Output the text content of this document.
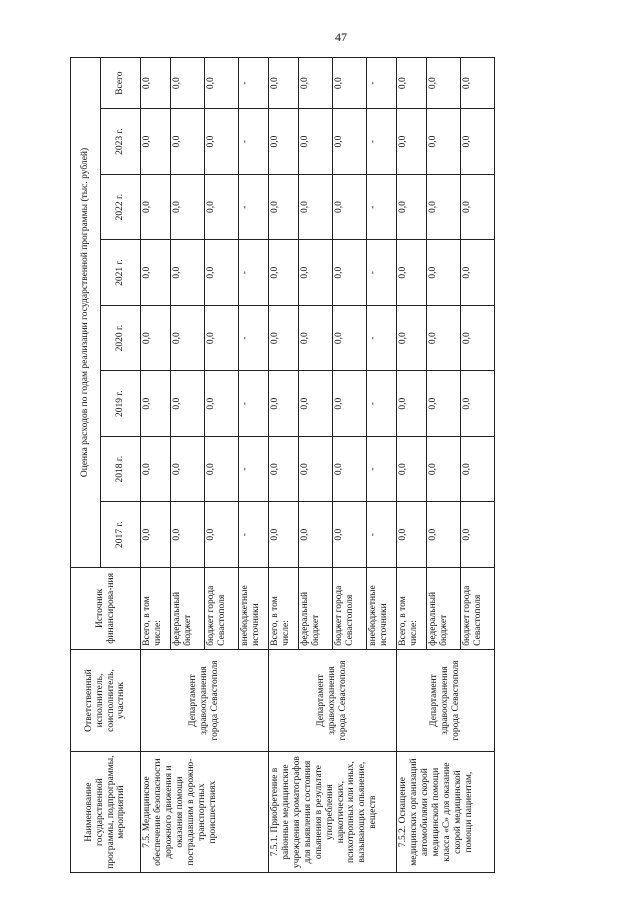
47
Наименование государственной программы, подпрограммы, мероприятий	Ответственный исполнитель, соисполнитель, участник	Источник финансирова-ния	Оценка расходов по годам реализации государственной программы (тыс. рублей)							
			2017 г.	2018 г.	2019 г.	2020 г.	2021 г.	2022 г.	2023 г.	Всего
7.5. Медицинское обеспечение безопасности дорожного движения и оказания помощи пострадавшим в дорожно-транспортных происшествиях	Департамент здравоохранения города Севастополя	Всего, в том числе:	0,0	0,0	0,0	0,0	0,0	0,0	0,0	0,0
		федеральный бюджет	0,0	0,0	0,0	0,0	0,0	0,0	0,0	0,0
		бюджет города Севастополя	0,0	0,0	0,0	0,0	0,0	0,0	0,0	0,0
		внебюджетные источники	-	-	-	-	-	-	-	-
7.5.1. Приобретение в районные медицинские учреждения хроматографов для выявления состояния опьянения в результате употребления наркотических, психотропных или иных, вызывающих опьянение, веществ	Департамент здравоохранения города Севастополя	Всего, в том числе:	0,0	0,0	0,0	0,0	0,0	0,0	0,0	0,0
		федеральный бюджет	0,0	0,0	0,0	0,0	0,0	0,0	0,0	0,0
		бюджет города Севастополя	0,0	0,0	0,0	0,0	0,0	0,0	0,0	0,0
		внебюджетные источники	-	-	-	-	-	-	-	-
7.5.2. Оснащение медицинских организаций автомобилями скорой медицинской помощи класса «С» для оказание скорой медицинской помощи пациентам,	Департамент здравоохранения города Севастополя	Всего, в том числе:	0,0	0,0	0,0	0,0	0,0	0,0	0,0	0,0
		федеральный бюджет	0,0	0,0	0,0	0,0	0,0	0,0	0,0	0,0
		бюджет города Севастополя	0,0	0,0	0,0	0,0	0,0	0,0	0,0	0,0
